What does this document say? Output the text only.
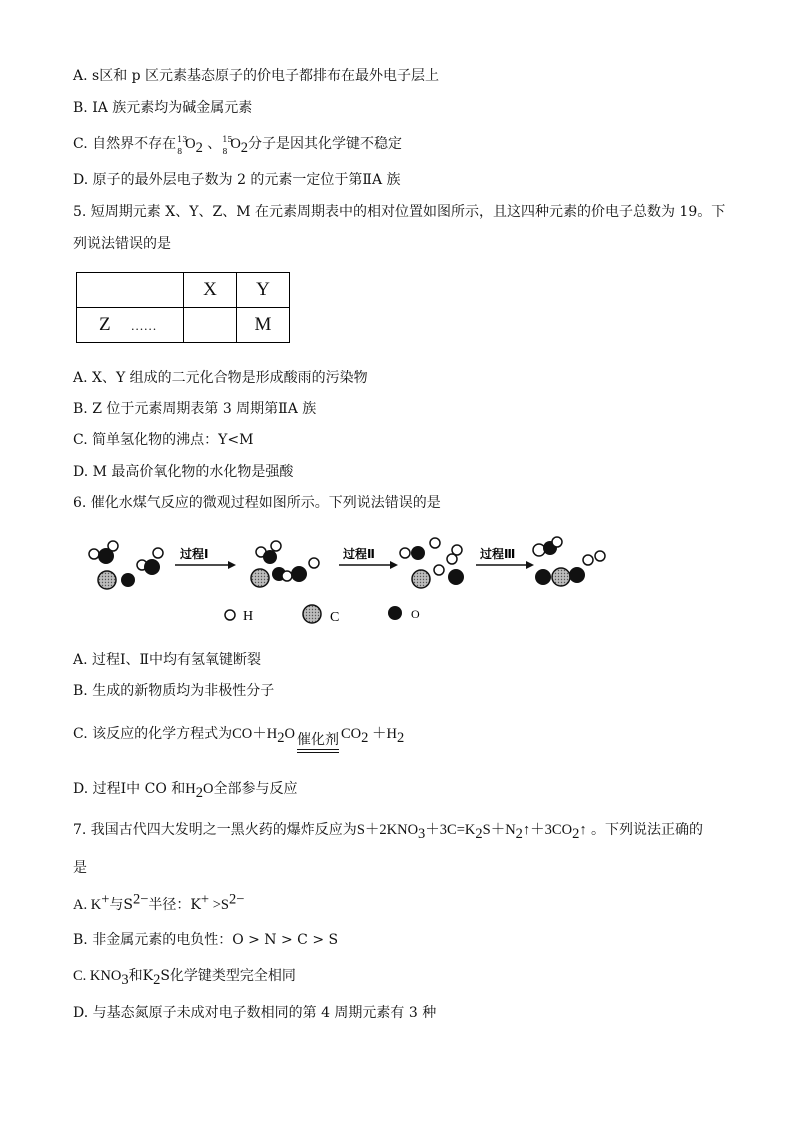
A. s区和 p 区元素基态原子的价电子都排布在最外电子层上
B. ⅠA 族元素均为碱金属元素
C. 自然界不存在 13
8 $O_2$ 、 15
8 $O_2$分子是因其化学键不稳定
D. 原子的最外层电子数为 2 的元素一定位于第ⅡA 族
5. 短周期元素 X、Y、Z、M 在元素周期表中的相对位置如图所示，且这四种元素的价电子总数为 19。下
列说法错误的是
	X	Y
Z ……		M
A. X、Y 组成的二元化合物是形成酸雨的污染物
B. Z 位于元素周期表第 3 周期第ⅡA 族
C. 简单氢化物的沸点：Y<M
D. M 最高价氧化物的水化物是强酸
6. 催化水煤气反应的微观过程如图所示。下列说法错误的是
过程Ⅰ	过程Ⅱ	过程Ⅲ
H	C	O
A. 过程Ⅰ、Ⅱ中均有氢氧键断裂
B. 生成的新物质均为非极性分子
C. 该反应的化学方程式为$CO+H_2O$ 催化剂 $CO_2 +H_2$
D. 过程Ⅰ中 CO 和$H_2O$全部参与反应
7. 我国古代四大发明之一黑火药的爆炸反应为$S+2KNO_3+3C=K_2S+N_2↑+3CO_2↑$ 。下列说法正确的
是
A. K+与$S^{2-}$半径：$K^+ >S^{2-}$
B. 非金属元素的电负性：O > N > C > S
C. $KNO_3$和$K_2S$化学键类型完全相同
D. 与基态氮原子未成对电子数相同的第 4 周期元素有 3 种
